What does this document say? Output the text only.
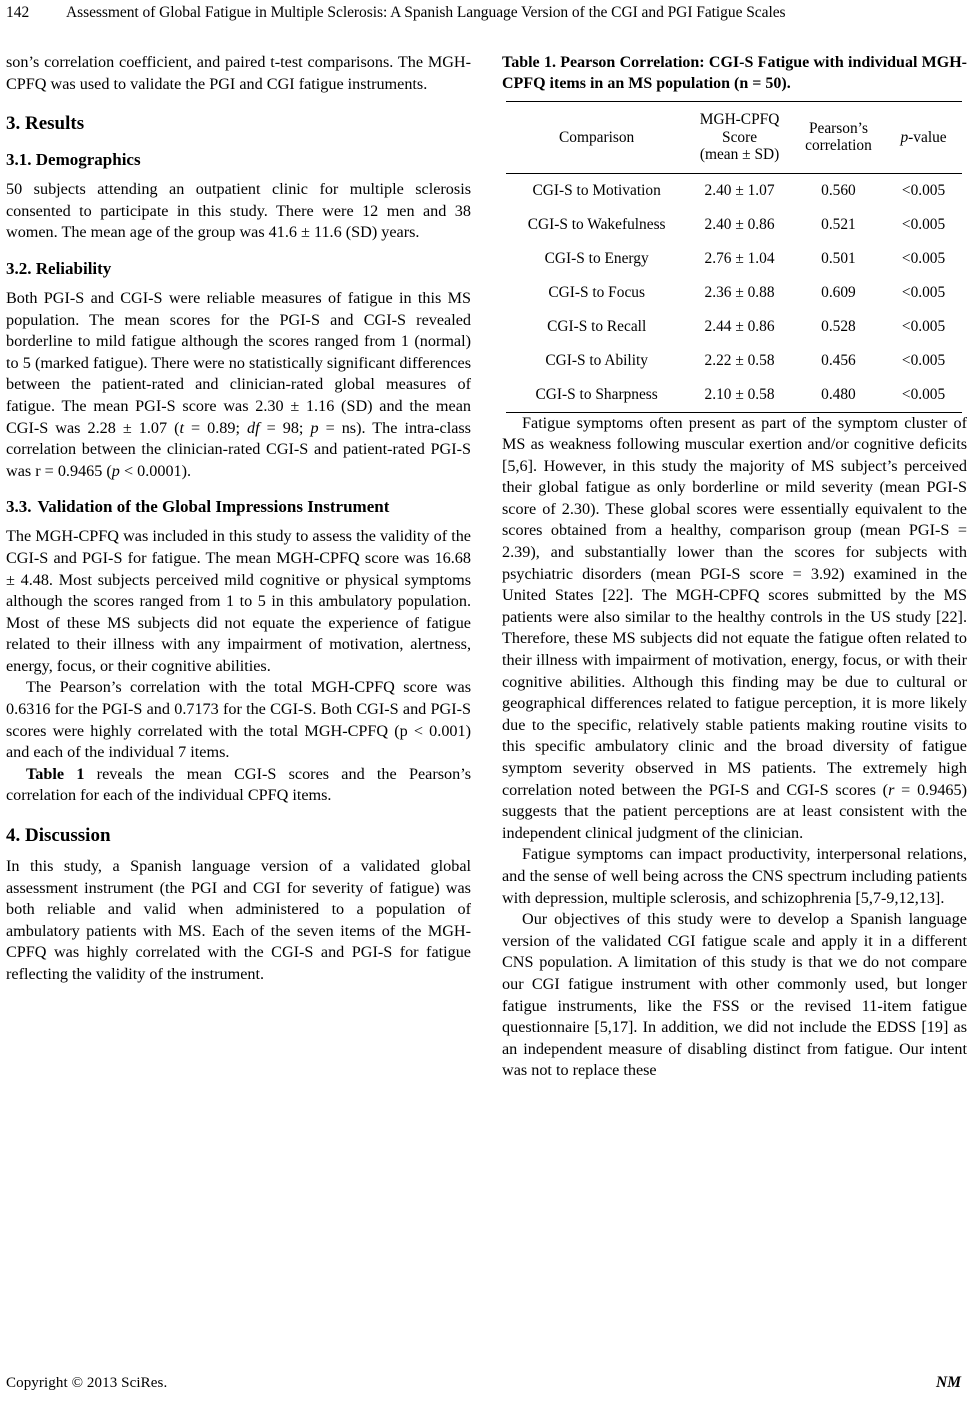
142	Assessment of Global Fatigue in Multiple Sclerosis: A Spanish Language Version of the CGI and PGI Fatigue Scales

son’s correlation coefficient, and paired t-test comparisons. The MGH-CPFQ was used to validate the PGI and CGI fatigue instruments.

3. Results
3.1. Demographics

50 subjects attending an outpatient clinic for multiple sclerosis consented to participate in this study. There were 12 men and 38 women. The mean age of the group was 41.6 ± 11.6 (SD) years.

3.2. Reliability

Both PGI-S and CGI-S were reliable measures of fatigue in this MS population. The mean scores for the PGI-S and CGI-S revealed borderline to mild fatigue although the scores ranged from 1 (normal) to 5 (marked fatigue). There were no statistically significant differences between the patient-rated and clinician-rated global measures of fatigue. The mean PGI-S score was 2.30 ± 1.16 (SD) and the mean CGI-S was 2.28 ± 1.07 (t = 0.89; df = 98; p = ns). The intra-class correlation between the clinician-rated CGI-S and patient-rated PGI-S was r = 0.9465 (p < 0.0001).

3.3. Validation of the Global Impressions Instrument

The MGH-CPFQ was included in this study to assess the validity of the CGI-S and PGI-S for fatigue. The mean MGH-CPFQ score was 16.68 ± 4.48. Most subjects perceived mild cognitive or physical symptoms although the scores ranged from 1 to 5 in this ambulatory population. Most of these MS subjects did not equate the experience of fatigue related to their illness with any impairment of motivation, alertness, energy, focus, or their cognitive abilities.

The Pearson’s correlation with the total MGH-CPFQ score was 0.6316 for the PGI-S and 0.7173 for the CGI-S. Both CGI-S and PGI-S scores were highly correlated with the total MGH-CPFQ (p < 0.001) and each of the individual 7 items.

Table 1 reveals the mean CGI-S scores and the Pearson’s correlation for each of the individual CPFQ items.

4. Discussion

In this study, a Spanish language version of a validated global assessment instrument (the PGI and CGI for severity of fatigue) was both reliable and valid when administered to a population of ambulatory patients with MS. Each of the seven items of the MGH-CPFQ was highly correlated with the CGI-S and PGI-S for fatigue reflecting the validity of the instrument.

Table 1. Pearson Correlation: CGI-S Fatigue with individual MGH-CPFQ items in an MS population (n = 50).
Comparison	MGH-CPFQ
Score
(mean ± SD)	Pearson’s
correlation	p-value
CGI-S to Motivation	2.40 ± 1.07	0.560	<0.005
CGI-S to Wakefulness	2.40 ± 0.86	0.521	<0.005
CGI-S to Energy	2.76 ± 1.04	0.501	<0.005
CGI-S to Focus	2.36 ± 0.88	0.609	<0.005
CGI-S to Recall	2.44 ± 0.86	0.528	<0.005
CGI-S to Ability	2.22 ± 0.58	0.456	<0.005
CGI-S to Sharpness	2.10 ± 0.58	0.480	<0.005

Fatigue symptoms often present as part of the symptom cluster of MS as weakness following muscular exertion and/or cognitive deficits [5,6]. However, in this study the majority of MS subject’s perceived their global fatigue as only borderline or mild severity (mean PGI-S score of 2.30). These global scores were essentially equivalent to the scores obtained from a healthy, comparison group (mean PGI-S = 2.39), and substantially lower than the scores for subjects with psychiatric disorders (mean PGI-S score = 3.92) examined in the United States [22]. The MGH-CPFQ scores submitted by the MS patients were also similar to the healthy controls in the US study [22]. Therefore, these MS subjects did not equate the fatigue often related to their illness with impairment of motivation, energy, focus, or with their cognitive abilities. Although this finding may be due to cultural or geographical differences related to fatigue perception, it is more likely due to the specific, relatively stable patients making routine visits to this specific ambulatory clinic and the broad diversity of fatigue symptom severity observed in MS patients. The extremely high correlation noted between the PGI-S and CGI-S scores (r = 0.9465) suggests that the patient perceptions are at least consistent with the independent clinical judgment of the clinician.

Fatigue symptoms can impact productivity, interpersonal relations, and the sense of well being across the CNS spectrum including patients with depression, multiple sclerosis, and schizophrenia [5,7-9,12,13].

Our objectives of this study were to develop a Spanish language version of the validated CGI fatigue scale and apply it in a different CNS population. A limitation of this study is that we do not compare our CGI fatigue instrument with other commonly used, but longer fatigue instruments, like the FSS or the revised 11-item fatigue questionnaire [5,17]. In addition, we did not include the EDSS [19] as an independent measure of disabling distinct from fatigue. Our intent was not to replace these

Copyright © 2013 SciRes.	NM
